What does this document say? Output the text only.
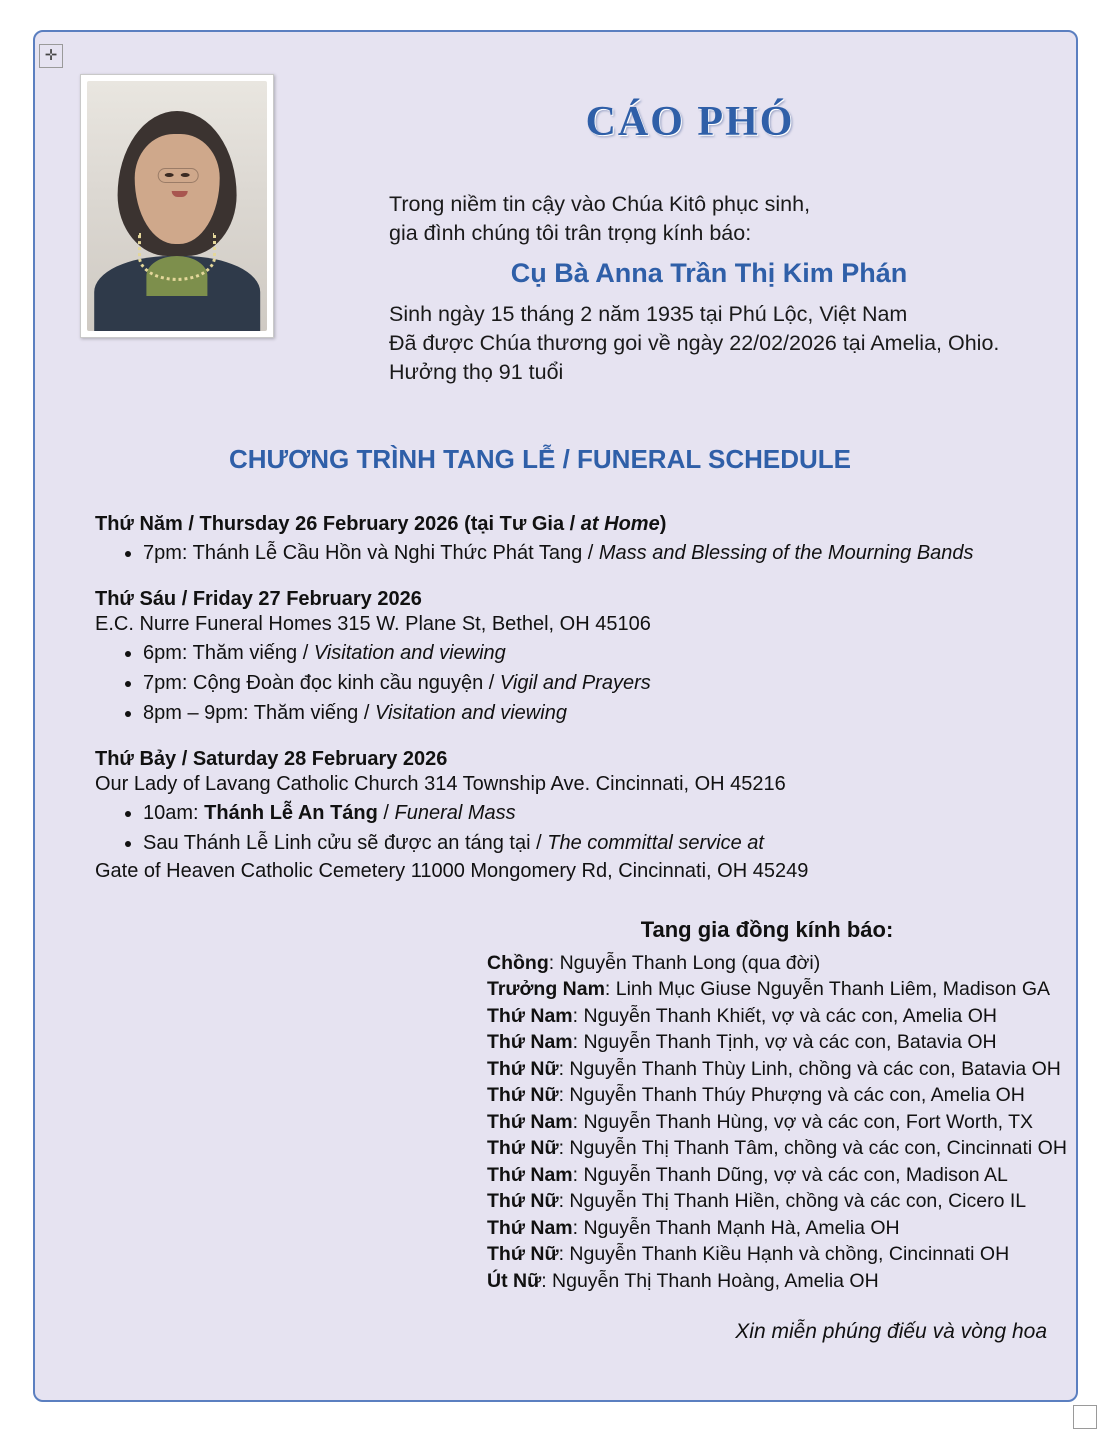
✛
CÁO PHÓ
Trong niềm tin cậy vào Chúa Kitô phục sinh,
gia đình chúng tôi trân trọng kính báo:
Cụ Bà Anna Trần Thị Kim Phán
Sinh ngày 15 tháng 2 năm 1935 tại Phú Lộc, Việt Nam
Đã được Chúa thương goi về ngày 22/02/2026 tại Amelia, Ohio.
Hưởng thọ 91 tuổi
CHƯƠNG TRÌNH TANG LỄ / FUNERAL SCHEDULE
Thứ Năm / Thursday 26 February 2026 (tại Tư Gia / at Home)
• 7pm: Thánh Lễ Cầu Hồn và Nghi Thức Phát Tang / Mass and Blessing of the Mourning Bands
Thứ Sáu / Friday 27 February 2026
E.C. Nurre Funeral Homes 315 W. Plane St, Bethel, OH 45106
• 6pm: Thăm viếng / Visitation and viewing
• 7pm: Cộng Đoàn đọc kinh cầu nguyện / Vigil and Prayers
• 8pm – 9pm: Thăm viếng / Visitation and viewing
Thứ Bảy / Saturday 28 February 2026
Our Lady of Lavang Catholic Church 314 Township Ave. Cincinnati, OH 45216
• 10am: Thánh Lễ An Táng / Funeral Mass
• Sau Thánh Lễ Linh cửu sẽ được an táng tại / The committal service at
Gate of Heaven Catholic Cemetery 11000 Mongomery Rd, Cincinnati, OH 45249
Tang gia đồng kính báo:
Chồng: Nguyễn Thanh Long (qua đời)
Trưởng Nam: Linh Mục Giuse Nguyễn Thanh Liêm, Madison GA
Thứ Nam: Nguyễn Thanh Khiết, vợ và các con, Amelia OH
Thứ Nam: Nguyễn Thanh Tịnh, vợ và các con, Batavia OH
Thứ Nữ: Nguyễn Thanh Thùy Linh, chồng và các con, Batavia OH
Thứ Nữ: Nguyễn Thanh Thúy Phượng và các con, Amelia OH
Thứ Nam: Nguyễn Thanh Hùng, vợ và các con, Fort Worth, TX
Thứ Nữ: Nguyễn Thị Thanh Tâm, chồng và các con, Cincinnati OH
Thứ Nam: Nguyễn Thanh Dũng, vợ và các con, Madison AL
Thứ Nữ: Nguyễn Thị Thanh Hiền, chồng và các con, Cicero IL
Thứ Nam: Nguyễn Thanh Mạnh Hà, Amelia OH
Thứ Nữ: Nguyễn Thanh Kiều Hạnh và chồng, Cincinnati OH
Út Nữ: Nguyễn Thị Thanh Hoàng, Amelia OH
Xin miễn phúng điếu và vòng hoa
